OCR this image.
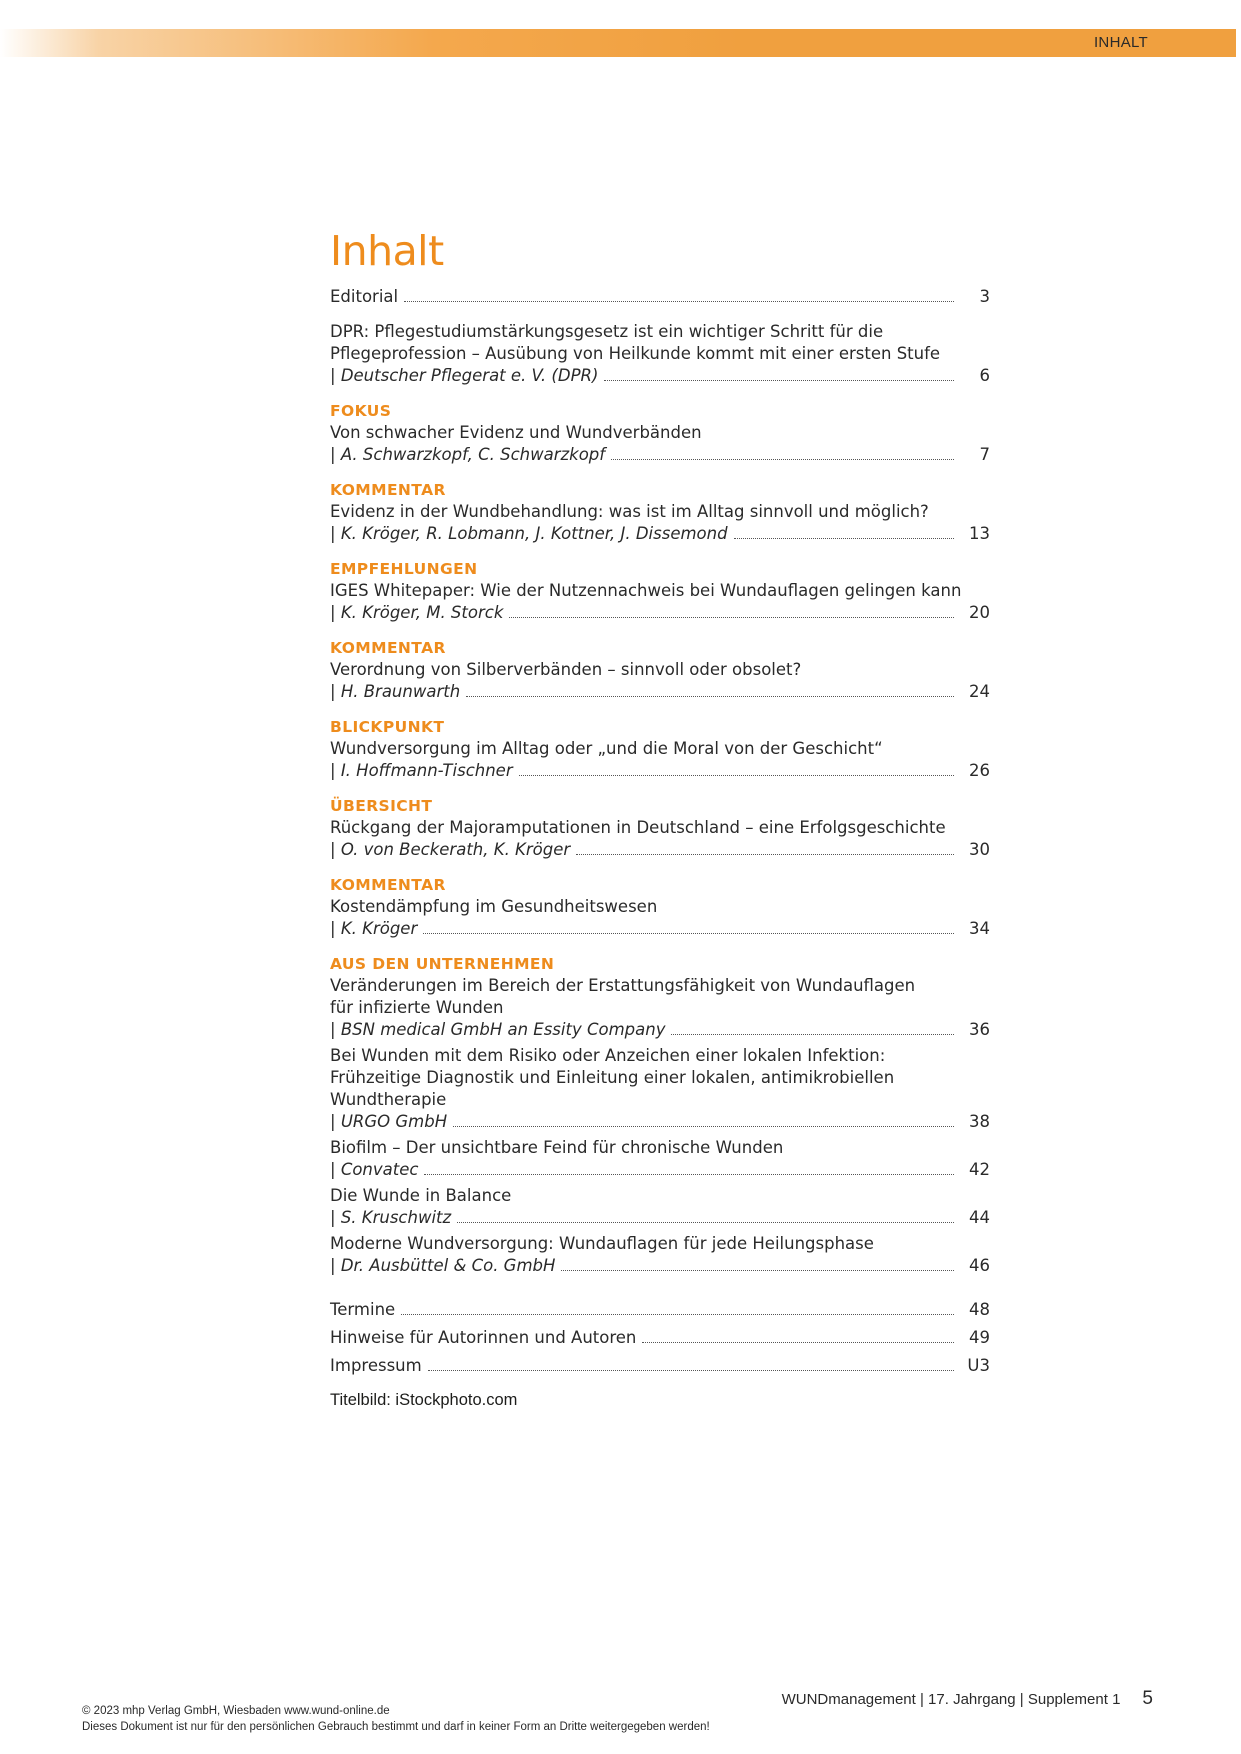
INHALT
Inhalt
Editorial	3
DPR: Pflegestudiumstärkungsgesetz ist ein wichtiger Schritt für die
Pflegeprofession – Ausübung von Heilkunde kommt mit einer ersten Stufe
| Deutscher Pflegerat e. V. (DPR)	6
FOKUS
Von schwacher Evidenz und Wundverbänden
| A. Schwarzkopf, C. Schwarzkopf	7
KOMMENTAR
Evidenz in der Wundbehandlung: was ist im Alltag sinnvoll und möglich?
| K. Kröger, R. Lobmann, J. Kottner, J. Dissemond	13
EMPFEHLUNGEN
IGES Whitepaper: Wie der Nutzennachweis bei Wundauflagen gelingen kann
| K. Kröger, M. Storck	20
KOMMENTAR
Verordnung von Silberverbänden – sinnvoll oder obsolet?
| H. Braunwarth	24
BLICKPUNKT
Wundversorgung im Alltag oder „und die Moral von der Geschicht“
| I. Hoffmann-Tischner	26
ÜBERSICHT
Rückgang der Majoramputationen in Deutschland – eine Erfolgsgeschichte
| O. von Beckerath, K. Kröger	30
KOMMENTAR
Kostendämpfung im Gesundheitswesen
| K. Kröger	34
AUS DEN UNTERNEHMEN
Veränderungen im Bereich der Erstattungsfähigkeit von Wundauflagen
für infizierte Wunden
| BSN medical GmbH an Essity Company	36
Bei Wunden mit dem Risiko oder Anzeichen einer lokalen Infektion:
Frühzeitige Diagnostik und Einleitung einer lokalen, antimikrobiellen
Wundtherapie
| URGO GmbH	38
Biofilm – Der unsichtbare Feind für chronische Wunden
| Convatec	42
Die Wunde in Balance
| S. Kruschwitz	44
Moderne Wundversorgung: Wundauflagen für jede Heilungsphase
| Dr. Ausbüttel & Co. GmbH	46
Termine	48
Hinweise für Autorinnen und Autoren	49
Impressum	U3
Titelbild: iStockphoto.com
© 2023 mhp Verlag GmbH, Wiesbaden www.wund-online.de
Dieses Dokument ist nur für den persönlichen Gebrauch bestimmt und darf in keiner Form an Dritte weitergegeben werden!
WUNDmanagement | 17. Jahrgang | Supplement 1 5
